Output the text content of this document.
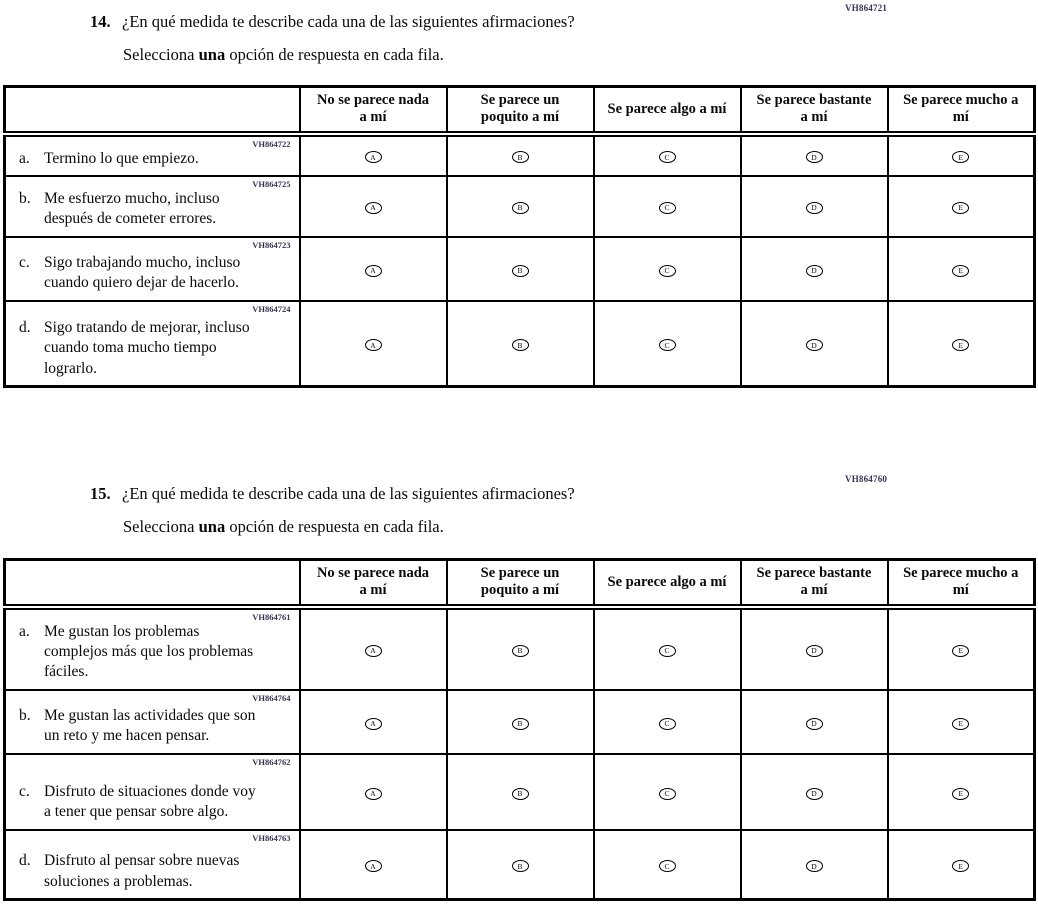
VH864721
14. ¿En qué medida te describe cada una de las siguientes afirmaciones?
Selecciona una opción de respuesta en cada fila.
	No se parece nada a mí	Se parece un poquito a mí	Se parece algo a mí	Se parece bastante a mí	Se parece mucho a mí

VH864722
a. Termino lo que empiezo.	A	B	C	D	E

VH864725
b. Me esfuerzo mucho, incluso después de cometer errores.	A	B	C	D	E

VH864723
c. Sigo trabajando mucho, incluso cuando quiero dejar de hacerlo.	A	B	C	D	E

VH864724
d. Sigo tratando de mejorar, incluso cuando toma mucho tiempo lograrlo.	A	B	C	D	E
VH864760
15. ¿En qué medida te describe cada una de las siguientes afirmaciones?
Selecciona una opción de respuesta en cada fila.
	No se parece nada a mí	Se parece un poquito a mí	Se parece algo a mí	Se parece bastante a mí	Se parece mucho a mí

VH864761
a. Me gustan los problemas complejos más que los problemas fáciles.	A	B	C	D	E

VH864764
b. Me gustan las actividades que son un reto y me hacen pensar.	A	B	C	D	E

VH864762
c. Disfruto de situaciones donde voy a tener que pensar sobre algo.	A	B	C	D	E

VH864763
d. Disfruto al pensar sobre nuevas soluciones a problemas.	A	B	C	D	E
